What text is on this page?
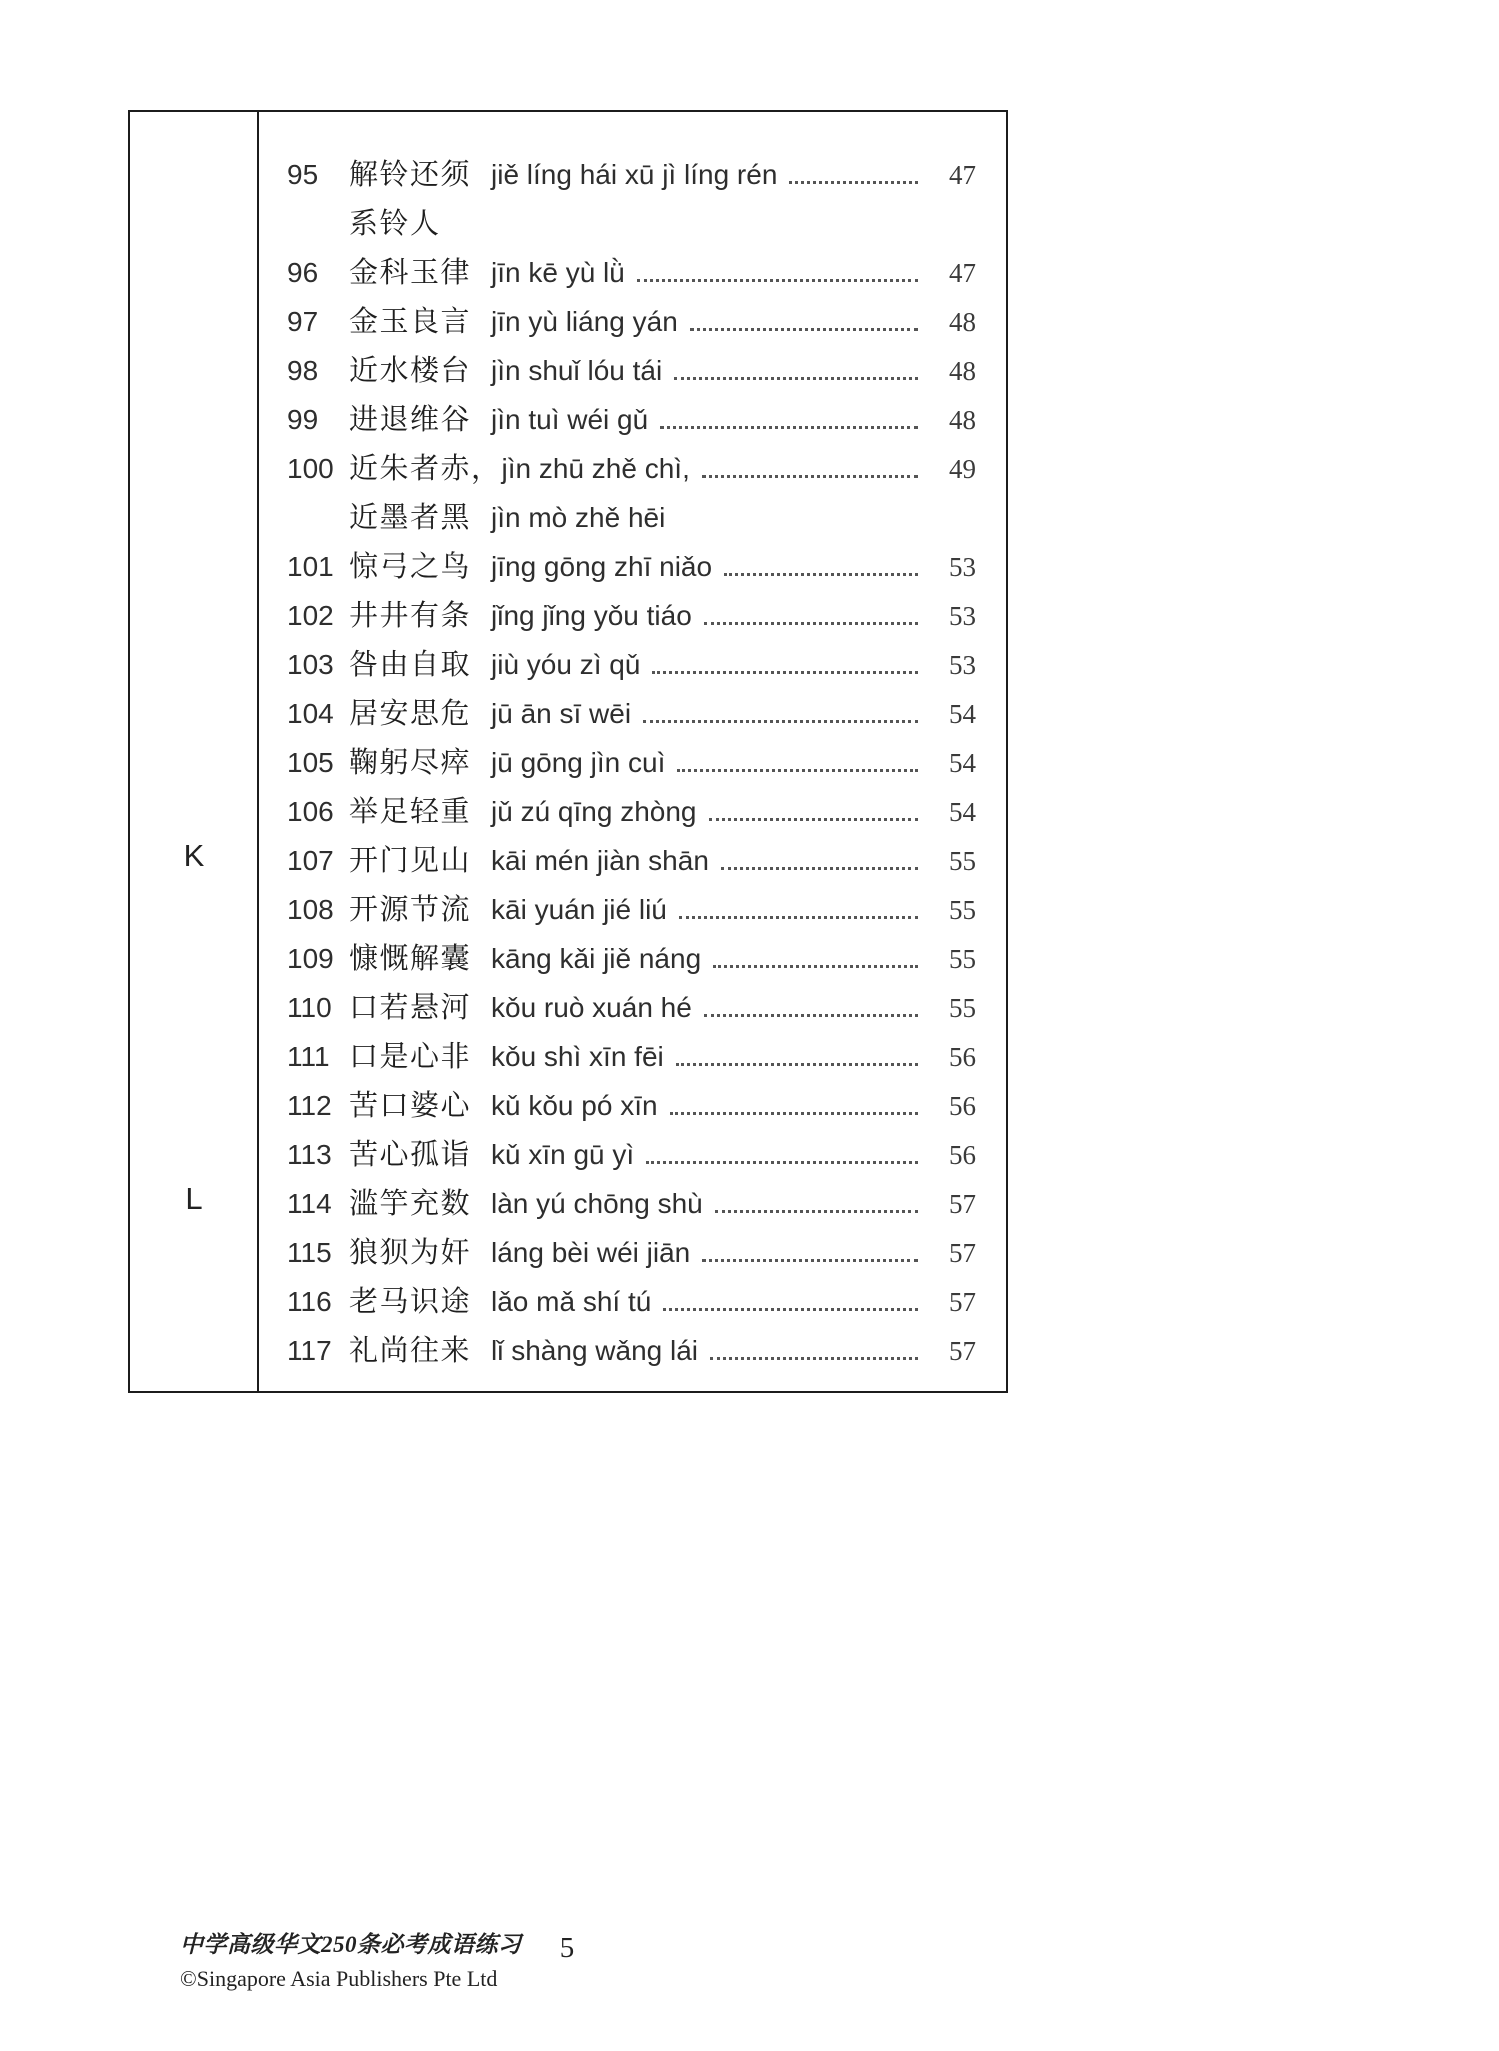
95	解铃还须 jiě líng hái xū jì líng rén	47
系铃人
96	金科玉律 jīn kē yù lǜ	47
97	金玉良言 jīn yù liáng yán	48
98	近水楼台 jìn shuǐ lóu tái	48
99	进退维谷 jìn tuì wéi gǔ	48
100 近朱者赤， jìn zhū zhě chì,	49
近墨者黑 jìn mò zhě hēi
101 惊弓之鸟 jīng gōng zhī niǎo	53
102 井井有条 jǐng jǐng yǒu tiáo	53
103 咎由自取 jiù yóu zì qǔ	53
104 居安思危 jū ān sī wēi	54
105 鞠躬尽瘁 jū gōng jìn cuì	54
106 举足轻重 jǔ zú qīng zhòng	54
K	107 开门见山 kāi mén jiàn shān	55
108 开源节流 kāi yuán jié liú	55
109 慷慨解囊 kāng kǎi jiě náng	55
110 口若悬河 kǒu ruò xuán hé	55
111 口是心非 kǒu shì xīn fēi	56
112 苦口婆心 kǔ kǒu pó xīn	56
113 苦心孤诣 kǔ xīn gū yì	56
L	114 滥竽充数 làn yú chōng shù	57
115 狼狈为奸 láng bèi wéi jiān	57
116 老马识途 lǎo mǎ shí tú	57
117 礼尚往来 lǐ shàng wǎng lái	57
中学高级华文250条必考成语练习
©Singapore Asia Publishers Pte Ltd
5
